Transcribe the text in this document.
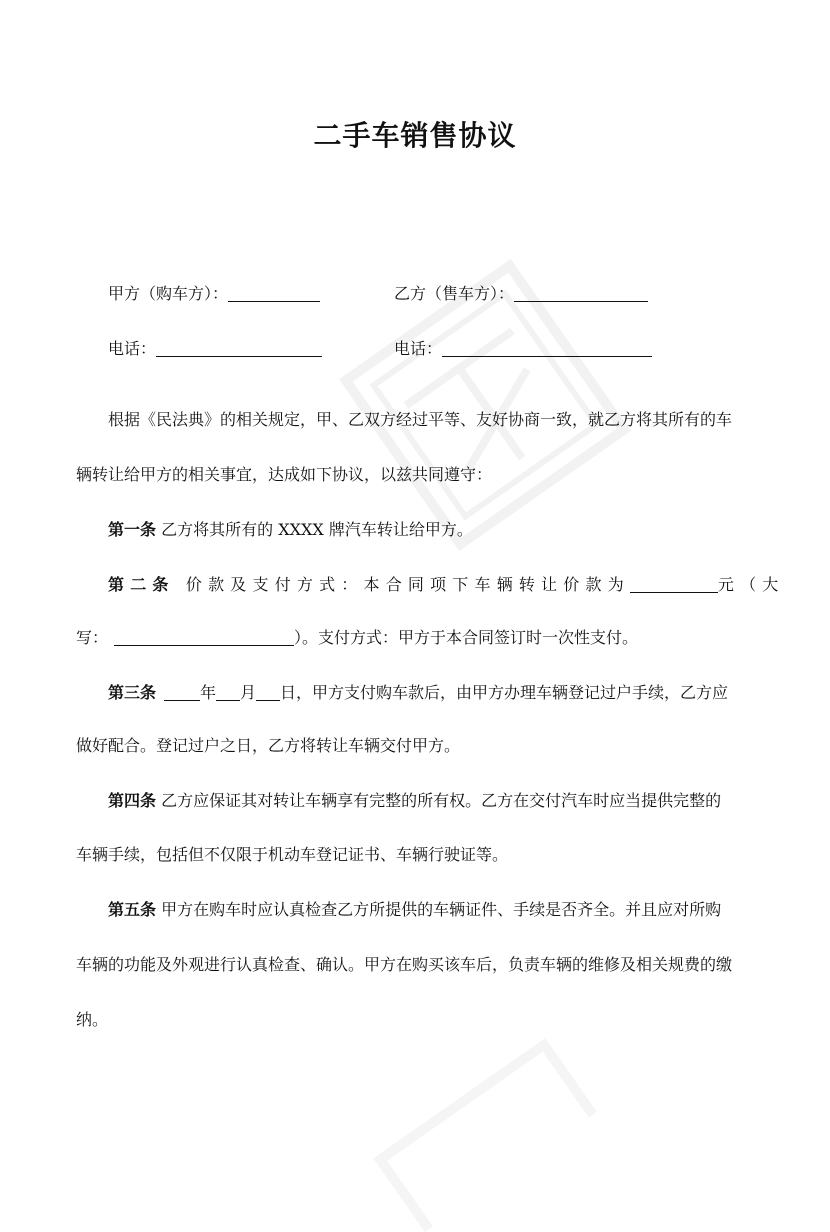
二手车销售协议
甲方（购车方）：	乙方（售车方）：
电话：	电话：
根据《民法典》的相关规定，甲、乙双方经过平等、友好协商一致，就乙方将其所有的车
辆转让给甲方的相关事宜，达成如下协议，以兹共同遵守：
第一条 乙方将其所有的 XXXX 牌汽车转让给甲方。
第二条 价款及支付方式：本合同项下车辆转让价款为	元（大
写：	）。支付方式：甲方于本合同签订时一次性支付。
第三条	年 月 日，甲方支付购车款后，由甲方办理车辆登记过户手续，乙方应
做好配合。登记过户之日，乙方将转让车辆交付甲方。
第四条 乙方应保证其对转让车辆享有完整的所有权。乙方在交付汽车时应当提供完整的
车辆手续，包括但不仅限于机动车登记证书、车辆行驶证等。
第五条 甲方在购车时应认真检查乙方所提供的车辆证件、手续是否齐全。并且应对所购
车辆的功能及外观进行认真检查、确认。甲方在购买该车后，负责车辆的维修及相关规费的缴
纳。
